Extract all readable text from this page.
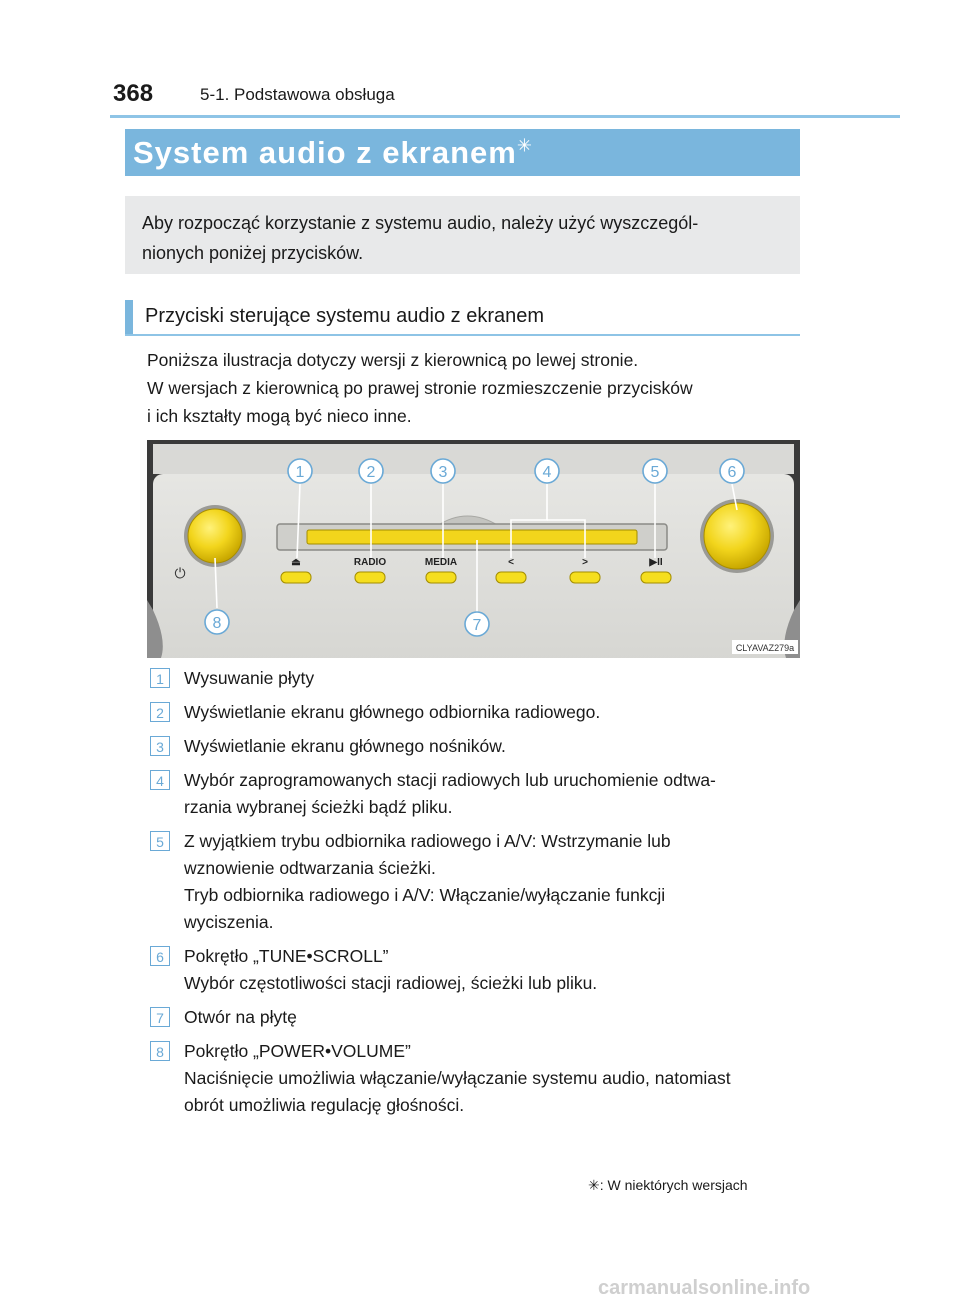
368	5-1. Podstawowa obsługa
System audio z ekranem✳
Aby rozpocząć korzystanie z systemu audio, należy użyć wyszczegól-
nionych poniżej przycisków.
Przyciski sterujące systemu audio z ekranem
Poniższa ilustracja dotyczy wersji z kierownicą po lewej stronie.
W wersjach z kierownicą po prawej stronie rozmieszczenie przycisków
i ich kształty mogą być nieco inne.
⏻
⏏	RADIO	MEDIA	<	>	▶II
1	2	3	4	5	6
7
8
CLYAVAZ279a
1	Wysuwanie płyty
2	Wyświetlanie ekranu głównego odbiornika radiowego.
3	Wyświetlanie ekranu głównego nośników.
4	Wybór zaprogramowanych stacji radiowych lub uruchomienie odtwa-
rzania wybranej ścieżki bądź pliku.
5	Z wyjątkiem trybu odbiornika radiowego i A/V: Wstrzymanie lub
wznowienie odtwarzania ścieżki.
Tryb odbiornika radiowego i A/V: Włączanie/wyłączanie funkcji
wyciszenia.
6	Pokrętło „TUNE•SCROLL”
Wybór częstotliwości stacji radiowej, ścieżki lub pliku.
7	Otwór na płytę
8	Pokrętło „POWER•VOLUME”
Naciśnięcie umożliwia włączanie/wyłączanie systemu audio, natomiast
obrót umożliwia regulację głośności.
✳: W niektórych wersjach
carmanualsonline.info
